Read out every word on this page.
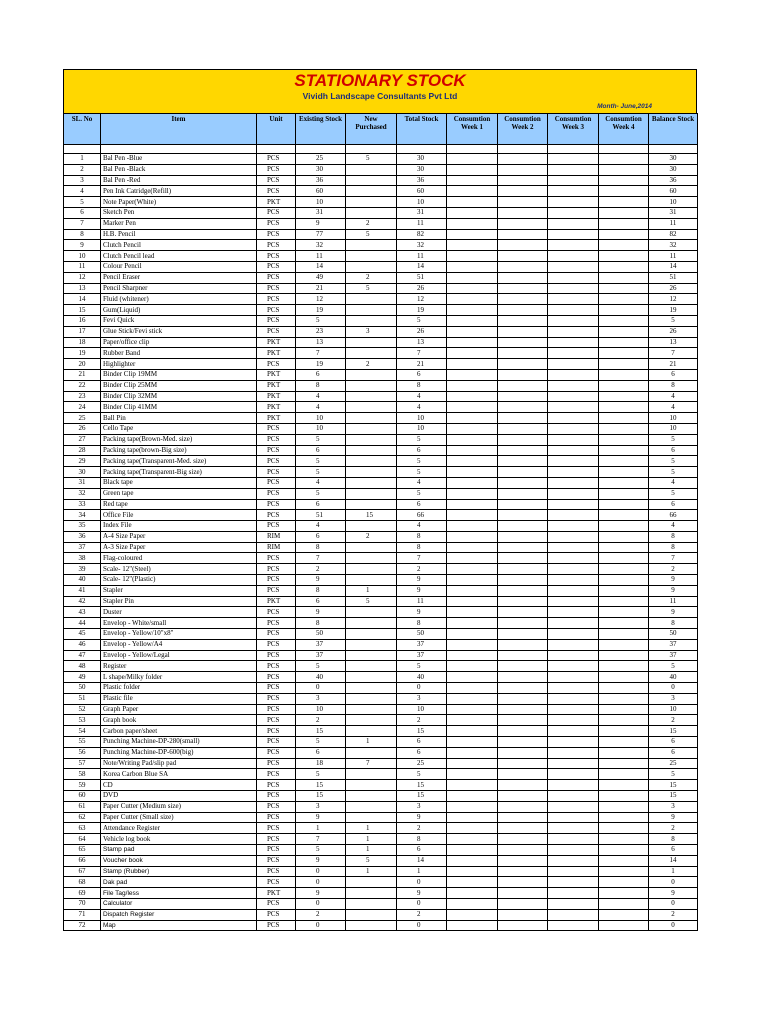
STATIONARY STOCK
Vividh Landscape Consultants Pvt Ltd
Month- June,2014
SL. No	Item	Unit	Existing Stock	New Purchased	Total Stock	Consumtion Week 1	Consumtion Week 2	Consumtion Week 3	Consumtion Week 4	Balance Stock

1	Bal Pen -Blue	PCS	25	5	30					30
2	Bal Pen -Black	PCS	30		30					30
3	Bal Pen -Red	PCS	36		36					36
4	Pen Ink Catridge(Refill)	PCS	60		60					60
5	Note Paper(White)	PKT	10		10					10
6	Sketch Pen	PCS	31		31					31
7	Marker Pen	PCS	9	2	11					11
8	H.B. Pencil	PCS	77	5	82					82
9	Clutch Pencil	PCS	32		32					32
10	Clutch Pencil lead	PCS	11		11					11
11	Colour Pencil	PCS	14		14					14
12	Pencil Eraser	PCS	49	2	51					51
13	Pencil Sharpner	PCS	21	5	26					26
14	Fluid (whitener)	PCS	12		12					12
15	Gum(Liquid)	PCS	19		19					19
16	Fevi Quick	PCS	5		5					5
17	Glue Stick/Fevi stick	PCS	23	3	26					26
18	Paper/office clip	PKT	13		13					13
19	Rubber Band	PKT	7		7					7
20	Highlighter	PCS	19	2	21					21
21	Binder Clip 19MM	PKT	6		6					6
22	Binder Clip 25MM	PKT	8		8					8
23	Binder Clip 32MM	PKT	4		4					4
24	Binder Clip 41MM	PKT	4		4					4
25	Ball Pin	PKT	10		10					10
26	Cello Tape	PCS	10		10					10
27	Packing tape(Brown-Med. size)	PCS	5		5					5
28	Packing tape(brown-Big size)	PCS	6		6					6
29	Packing tape(Transparent-Med. size)	PCS	5		5					5
30	Packing tape(Transparent-Big size)	PCS	5		5					5
31	Black tape	PCS	4		4					4
32	Green tape	PCS	5		5					5
33	Red tape	PCS	6		6					6
34	Office File	PCS	51	15	66					66
35	Index File	PCS	4		4					4
36	A-4 Size Paper	RIM	6	2	8					8
37	A-3 Size Paper	RIM	8		8					8
38	Flag-coloured	PCS	7		7					7
39	Scale- 12"(Steel)	PCS	2		2					2
40	Scale- 12"(Plastic)	PCS	9		9					9
41	Stapler	PCS	8	1	9					9
42	Stapler Pin	PKT	6	5	11					11
43	Duster	PCS	9		9					9
44	Envelop - White/small	PCS	8		8					8
45	Envelop - Yellow/10"x8"	PCS	50		50					50
46	Envelop - Yellow/A4	PCS	37		37					37
47	Envelop - Yellow/Legal	PCS	37		37					37
48	Register	PCS	5		5					5
49	L shape/Milky folder	PCS	40		40					40
50	Plastic folder	PCS	0		0					0
51	Plastic file	PCS	3		3					3
52	Graph Paper	PCS	10		10					10
53	Graph book	PCS	2		2					2
54	Carbon paper/sheet	PCS	15		15					15
55	Punching Machine-DP-280(small)	PCS	5	1	6					6
56	Punching Machine-DP-600(big)	PCS	6		6					6
57	Note/Writing Pad/slip pad	PCS	18	7	25					25
58	Korea Carbon Blue SA	PCS	5		5					5
59	CD	PCS	15		15					15
60	DVD	PCS	15		15					15
61	Paper Cutter (Medium size)	PCS	3		3					3
62	Paper Cutter (Small size)	PCS	9		9					9
63	Attendance Register	PCS	1	1	2					2
64	Vehicle log book	PCS	7	1	8					8
65	Stamp pad	PCS	5	1	6					6
66	Voucher book	PCS	9	5	14					14
67	Stamp (Rubber)	PCS	0	1	1					1
68	Dak pad	PCS	0		0					0
69	File Tag/less	PKT	9		9					9
70	Calculator	PCS	0		0					0
71	Dispatch Register	PCS	2		2					2
72	Map	PCS	0		0					0
